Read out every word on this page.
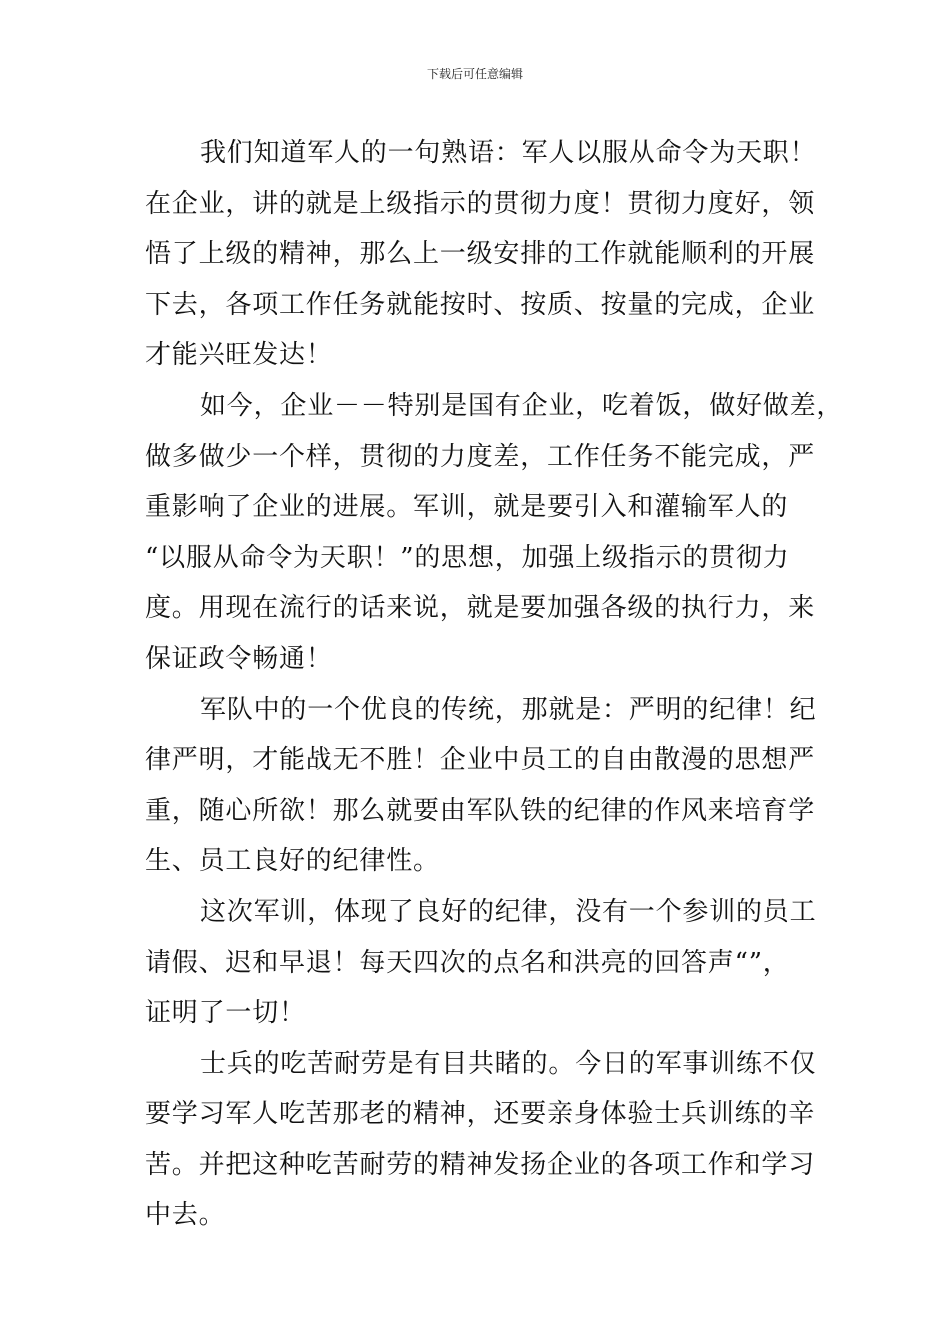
下载后可任意编辑
我们知道军人的一句熟语：军人以服从命令为天职！
在企业，讲的就是上级指示的贯彻力度！贯彻力度好，领
悟了上级的精神，那么上一级安排的工作就能顺利的开展
下去，各项工作任务就能按时、按质、按量的完成，企业
才能兴旺发达！
如今，企业－－特别是国有企业，吃着饭，做好做差，
做多做少一个样，贯彻的力度差，工作任务不能完成，严
重影响了企业的进展。军训，就是要引入和灌输军人的
“以服从命令为天职！”的思想，加强上级指示的贯彻力
度。用现在流行的话来说，就是要加强各级的执行力，来
保证政令畅通！
军队中的一个优良的传统，那就是：严明的纪律！纪
律严明，才能战无不胜！企业中员工的自由散漫的思想严
重，随心所欲！那么就要由军队铁的纪律的作风来培育学
生、员工良好的纪律性。
这次军训，体现了良好的纪律，没有一个参训的员工
请假、迟和早退！每天四次的点名和洪亮的回答声“”，
证明了一切！
士兵的吃苦耐劳是有目共睹的。今日的军事训练不仅
要学习军人吃苦那老的精神，还要亲身体验士兵训练的辛
苦。并把这种吃苦耐劳的精神发扬企业的各项工作和学习
中去。
